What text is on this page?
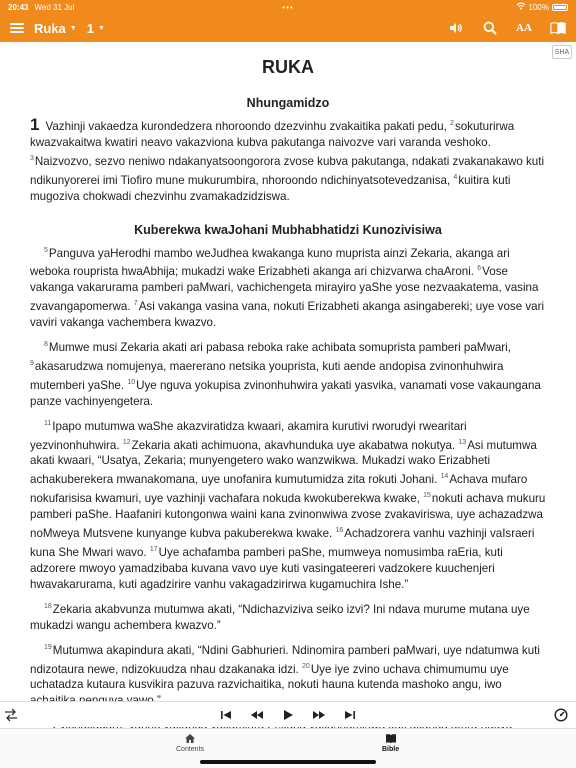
20:43 Wed 31 Jul	•••	100%
Ruka ▼ 1 ▼	AA
SHA
RUKA
Nhungamidzo

1 Vazhinji vakaedza kurondedzera nhoroondo dzezvinhu zvakaitika pakati pedu, $^2$sokuturirwa kwazvakaitwa kwatiri neavo vakazviona kubva pakutanga naivozve vari varanda veshoko. $^3$Naizvozvo, sezvo neniwo ndakanyatsoongorora zvose kubva pakutanga, ndakati zvakanakawo kuti ndikunyorerei imi Tiofiro mune mukurumbira, nhoroondo ndichinyatsotevedzanisa, $^4$kuitira kuti mugoziva chokwadi chezvinhu zvamakadzidziswa.

Kuberekwa kwaJohani Mubhabhatidzi Kunozivisiwa

$^5$Panguva yaHerodhi mambo weJudhea kwakanga kuno muprista ainzi Zekaria, akanga ari weboka rouprista hwaAbhija; mukadzi wake Erizabheti akanga ari chizvarwa chaAroni. $^6$Vose vakanga vakarurama pamberi paMwari, vachichengeta mirayiro yaShe yose nezvaakatema, vasina zvavangapomerwa. $^7$Asi vakanga vasina vana, nokuti Erizabheti akanga asingabereki; uye vose vari vaviri vakanga vachembera kwazvo.

$^8$Mumwe musi Zekaria akati ari pabasa reboka rake achibata somuprista pamberi paMwari, $^9$akasarudzwa nomujenya, maererano netsika youprista, kuti aende andopisa zvinonhuhwira mutemberi yaShe. $^{10}$Uye nguva yokupisa zvinonhuhwira yakati yasvika, vanamati vose vakaungana panze vachinyengetera.

$^{11}$Ipapo mutumwa waShe akazviratidza kwaari, akamira kurutivi rworudyi rwearitari yezvinonhuhwira. $^{12}$Zekaria akati achimuona, akavhunduka uye akabatwa nokutya. $^{13}$Asi mutumwa akati kwaari, “Usatya, Zekaria; munyengetero wako wanzwikwa. Mukadzi wako Erizabheti achakuberekera mwanakomana, uye unofanira kumutumidza zita rokuti Johani. $^{14}$Achava mufaro nokufarisisa kwamuri, uye vazhinji vachafara nokuda kwokuberekwa kwake, $^{15}$nokuti achava mukuru pamberi paShe. Haafaniri kutongonwa waini kana zvinonwiwa zvose zvakaviriswa, uye achazadzwa noMweya Mutsvene kunyange kubva pakuberekwa kwake. $^{16}$Achadzorera vanhu vazhinji vaIsraeri kuna She Mwari wavo. $^{17}$Uye achafamba pamberi paShe, mumweya nomusimba raEria, kuti adzorere mwoyo yamadzibaba kuvana vavo uye kuti vasingateereri vadzokere kuuchenjeri hwavakarurama, kuti agadzirire vanhu vakagadzirirwa kugamuchira Ishe.”

$^{18}$Zekaria akabvunza mutumwa akati, “Ndichazviziva seiko izvi? Ini ndava murume mutana uye mukadzi wangu achembera kwazvo.”

$^{19}$Mutumwa akapindura akati, “Ndini Gabhurieri. Ndinomira pamberi paMwari, uye ndatumwa kuti ndizotaura newe, ndizokuudza nhau dzakanaka idzi. $^{20}$Uye iye zvino uchava chimumumu uye uchatadza kutaura kusvikira pazuva razvichaitika, nokuti hauna kutenda mashoko angu, iwo

Contents	Bible
